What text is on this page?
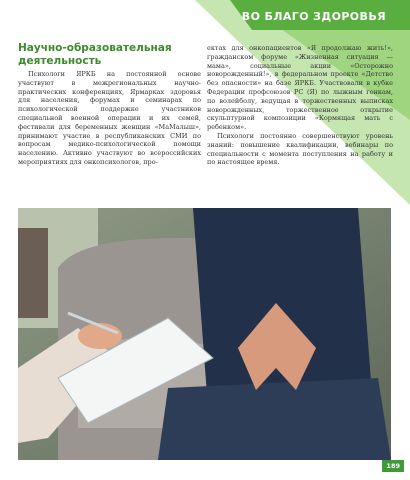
ВО БЛАГО ЗДОРОВЬЯ
Научно-образовательная деятельность

Психологи ЯРКБ на постоянной основе участвуют в межрегиональных научно-практических конференциях, Ярмарках здоровья для населения, форумах и семинарах по психологической поддержке участников специальной военной операции и их семей, фестивали для беременных женщин «МаМалыш», принимают участие в республиканских СМИ по вопросам медико-психологической помощи населению. Активно участвуют во всероссийских мероприятиях для онкопсихологов, про-

ектах для онкопациентов «Я продолжаю жить!», гражданском форуме «Жизненная ситуация — мама», социальные акции «Осторожно новорожденный!», в федеральном проекте «Детство без опасности» на базе ЯРКБ. Участвовали в кубке Федерации профсоюзов РС (Я) по лыжным гонкам, по волейболу, ведущая в торжественных выписках новорожденных, торжественное открытие скульптурной композиции «Кормящая мать с ребенком».

Психологи постоянно совершенствуют уровень знаний: повышение квалификации, вебинары по специальности с момента поступления на работу и по настоящее время.

189
